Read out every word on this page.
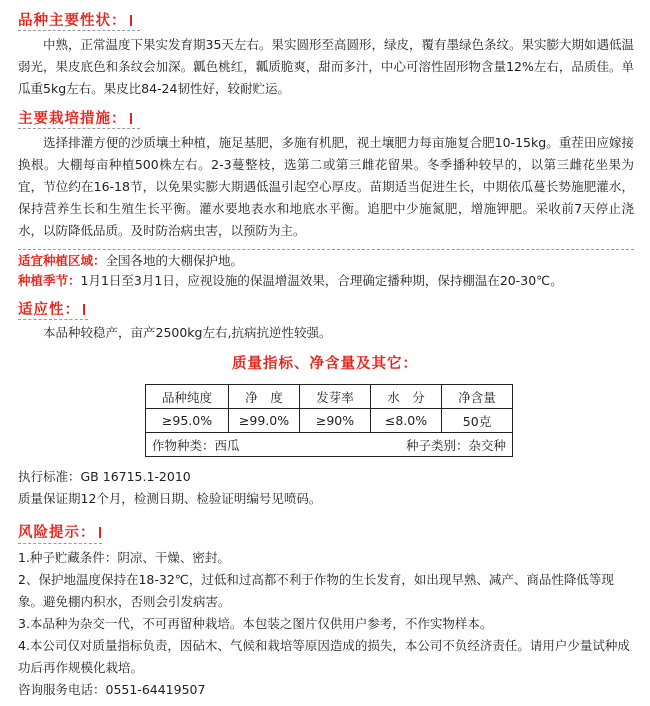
品种主要性状：

中熟，正常温度下果实发育期35天左右。果实圆形至高圆形，绿皮，覆有墨绿色条纹。果实膨大期如遇低温弱光，果皮底色和条纹会加深。瓤色桃红，瓤质脆爽，甜而多汁，中心可溶性固形物含量12%左右，品质佳。单瓜重5kg左右。果皮比84-24韧性好，较耐贮运。

主要栽培措施：

选择排灌方便的沙质壤土种植，施足基肥，多施有机肥，视土壤肥力每亩施复合肥10-15kg。重茬田应嫁接换根。大棚每亩种植500株左右。2-3蔓整枝，选第二或第三雌花留果。冬季播种较早的，以第三雌花坐果为宜，节位约在16-18节，以免果实膨大期遇低温引起空心厚皮。苗期适当促进生长，中期依瓜蔓长势施肥灌水，保持营养生长和生殖生长平衡。灌水要地表水和地底水平衡。追肥中少施氮肥，增施钾肥。采收前7天停止浇水，以防降低品质。及时防治病虫害，以预防为主。

适宜种植区域：全国各地的大棚保护地。
种植季节：1月1日至3月1日，应视设施的保温增温效果，合理确定播种期，保持棚温在20-30℃。
适应性：

本品种较稳产，亩产2500kg左右,抗病抗逆性较强。

质量指标、净含量及其它：
品种纯度	净　度	发芽率	水　分	净含量
≥95.0%	≥99.0%	≥90%	≤8.0%	50克
作物种类：西瓜		种子类别：杂交种		
执行标准：GB 16715.1-2010
质量保证期12个月，检测日期、检验证明编号见喷码。
风险提示：
1.种子贮藏条件：阴凉、干燥、密封。
2、保护地温度保持在18-32℃，过低和过高都不利于作物的生长发育，如出现早熟、减产、商品性降低等现象。避免棚内积水，否则会引发病害。
3.本品种为杂交一代，不可再留种栽培。本包装之图片仅供用户参考，不作实物样本。
4.本公司仅对质量指标负责，因砧木、气候和栽培等原因造成的损失，本公司不负经济责任。请用户少量试种成功后再作规模化栽培。
咨询服务电话：0551-64419507
